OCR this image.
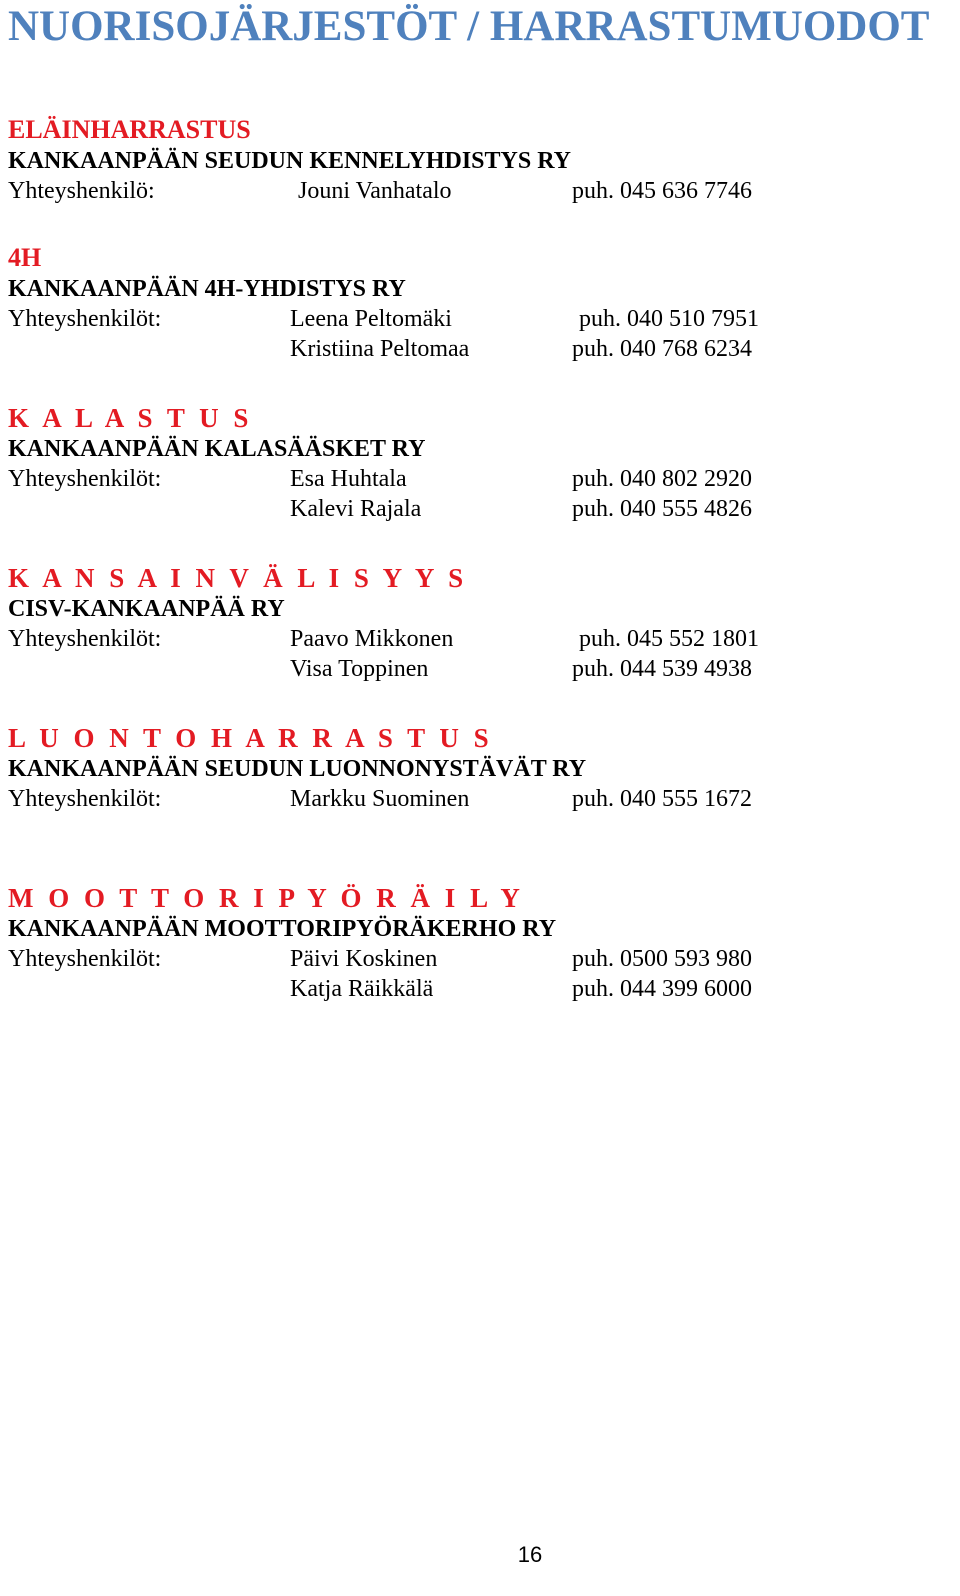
NUORISOJÄRJESTÖT / HARRASTUMUODOT
ELÄINHARRASTUS
KANKAANPÄÄN SEUDUN KENNELYHDISTYS RY
Yhteyshenkilö:	Jouni Vanhatalo	puh. 045 636 7746
4H
KANKAANPÄÄN 4H-YHDISTYS RY
Yhteyshenkilöt:	Leena Peltomäki	puh. 040 510 7951
Kristiina Peltomaa	puh. 040 768 6234
K A L A S T U S
KANKAANPÄÄN KALASÄÄSKET RY
Yhteyshenkilöt:	Esa Huhtala	puh. 040 802 2920
Kalevi Rajala	puh. 040 555 4826
K A N S A I N V Ä L I S Y Y S
CISV-KANKAANPÄÄ RY
Yhteyshenkilöt:	Paavo Mikkonen	puh. 045 552 1801
Visa Toppinen	puh. 044 539 4938
L U O N T O H A R R A S T U S
KANKAANPÄÄN SEUDUN LUONNONYSTÄVÄT RY
Yhteyshenkilöt:	Markku Suominen	puh. 040 555 1672
M O O T T O R I P Y Ö R Ä I L Y
KANKAANPÄÄN MOOTTORIPYÖRÄKERHO RY
Yhteyshenkilöt:	Päivi Koskinen	puh. 0500 593 980
Katja Räikkälä	puh. 044 399 6000
16
